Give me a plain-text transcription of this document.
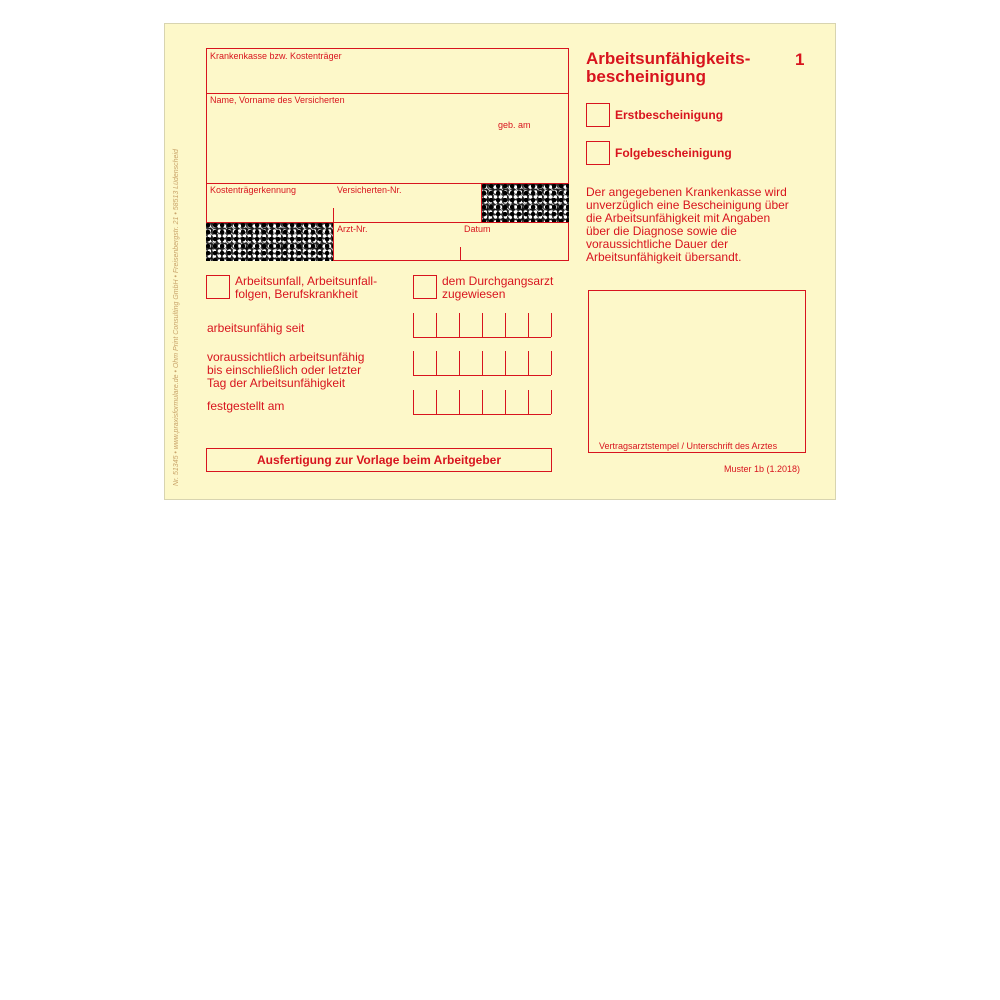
Nr. 51345 • www.praxisformulare.de • Ohm Print Consulting GmbH • Freisenbergstr. 21 • 58513 Lüdenscheid
Arbeitsunfähigkeits-
bescheinigung
1
Krankenkasse bzw. Kostenträger
Name, Vorname des Versicherten
geb. am
Kostenträgerkennung	Versicherten-Nr.
Arzt-Nr.	Datum
Erstbescheinigung
Folgebescheinigung
Der angegebenen Krankenkasse wird
unverzüglich eine Bescheinigung über
die Arbeitsunfähigkeit mit Angaben
über die Diagnose sowie die
voraussichtliche Dauer der
Arbeitsunfähigkeit übersandt.
Arbeitsunfall, Arbeitsunfall-
folgen, Berufskrankheit
dem Durchgangsarzt
zugewiesen
arbeitsunfähig seit
voraussichtlich arbeitsunfähig
bis einschließlich oder letzter
Tag der Arbeitsunfähigkeit
festgestellt am
Ausfertigung zur Vorlage beim Arbeitgeber
Vertragsarztstempel / Unterschrift des Arztes
Muster 1b (1.2018)
